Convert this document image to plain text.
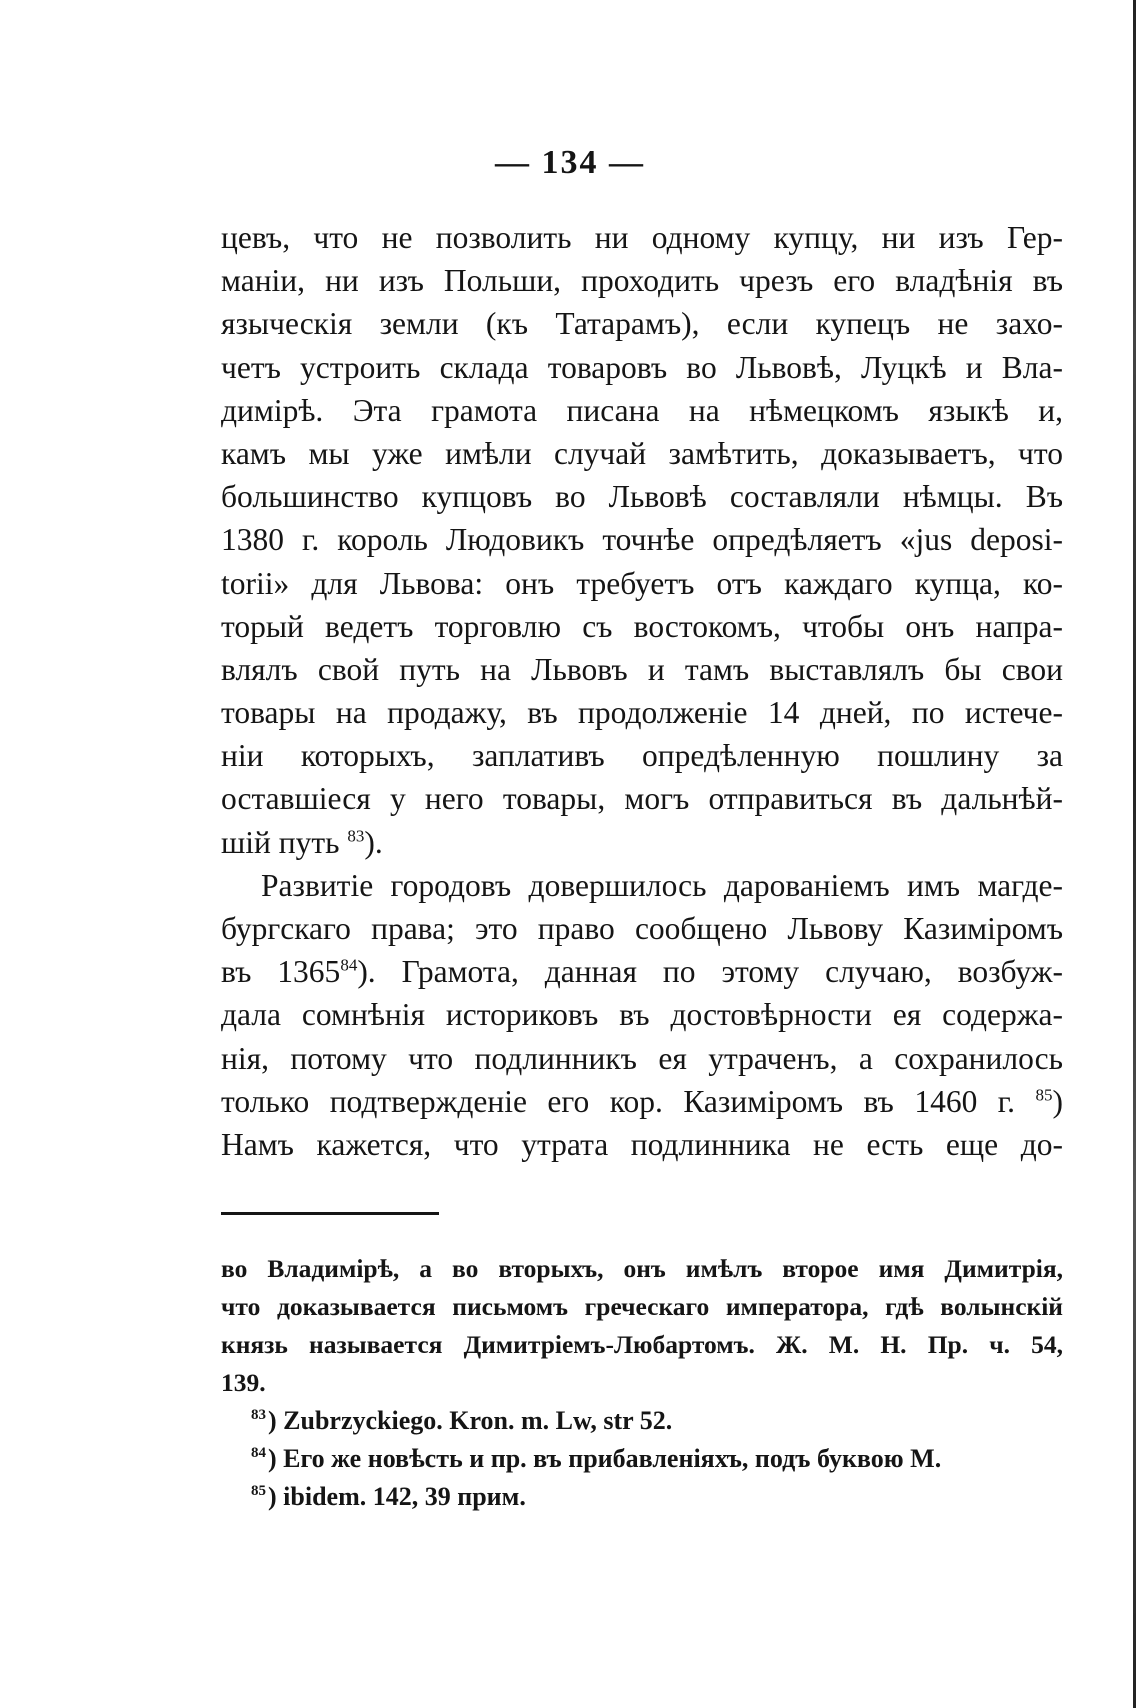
— 134 —
цевъ, что не позволить ни одному купцу, ни изъ Гер-
маніи, ни изъ Польши, проходить чрезъ его владѣнія въ
языческія земли (къ Татарамъ), если купецъ не захо-
четъ устроить склада товаровъ во Львовѣ, Луцкѣ и Вла-
димірѣ. Эта грамота писана на нѣмецкомъ языкѣ и,
камъ мы уже имѣли случай замѣтить, доказываетъ, что
большинство купцовъ во Львовѣ составляли нѣмцы. Въ
1380 г. король Людовикъ точнѣе опредѣляетъ «jus deposi-
torii» для Львова: онъ требуетъ отъ каждаго купца, ко-
торый ведетъ торговлю съ востокомъ, чтобы онъ напра-
влялъ свой путь на Львовъ и тамъ выставлялъ бы свои
товары на продажу, въ продолженіе 14 дней, по истече-
ніи которыхъ, заплативъ опредѣленную пошлину за
оставшіеся у него товары, могъ отправиться въ дальнѣй-
шій путь $^{83}$).
Развитіе городовъ довершилось дарованіемъ имъ магде-
бургскаго права; это право сообщено Львову Казиміромъ
въ 1365$^{84}$). Грамота, данная по этому случаю, возбуж-
дала сомнѣнія историковъ въ достовѣрности ея содержа-
нія, потому что подлинникъ ея утраченъ, а сохранилось
только подтвержденіе его кор. Казиміромъ въ 1460 г. $^{85}$)
Намъ кажется, что утрата подлинника не есть еще до-
во Владимірѣ, а во вторыхъ, онъ имѣлъ второе имя Димитрія,
что доказывается письмомъ греческаго императора, гдѣ волынскій
князь называется Димитріемъ-Любартомъ. Ж. М. Н. Пр. ч. 54,
139.
$^{83}$) Zubrzyckiego. Kron. m. Lw, str 52.
$^{84}$) Его же новѣсть и пр. въ прибавленіяхъ, подъ буквою М.
$^{85}$) ibidem. 142, 39 прим.
